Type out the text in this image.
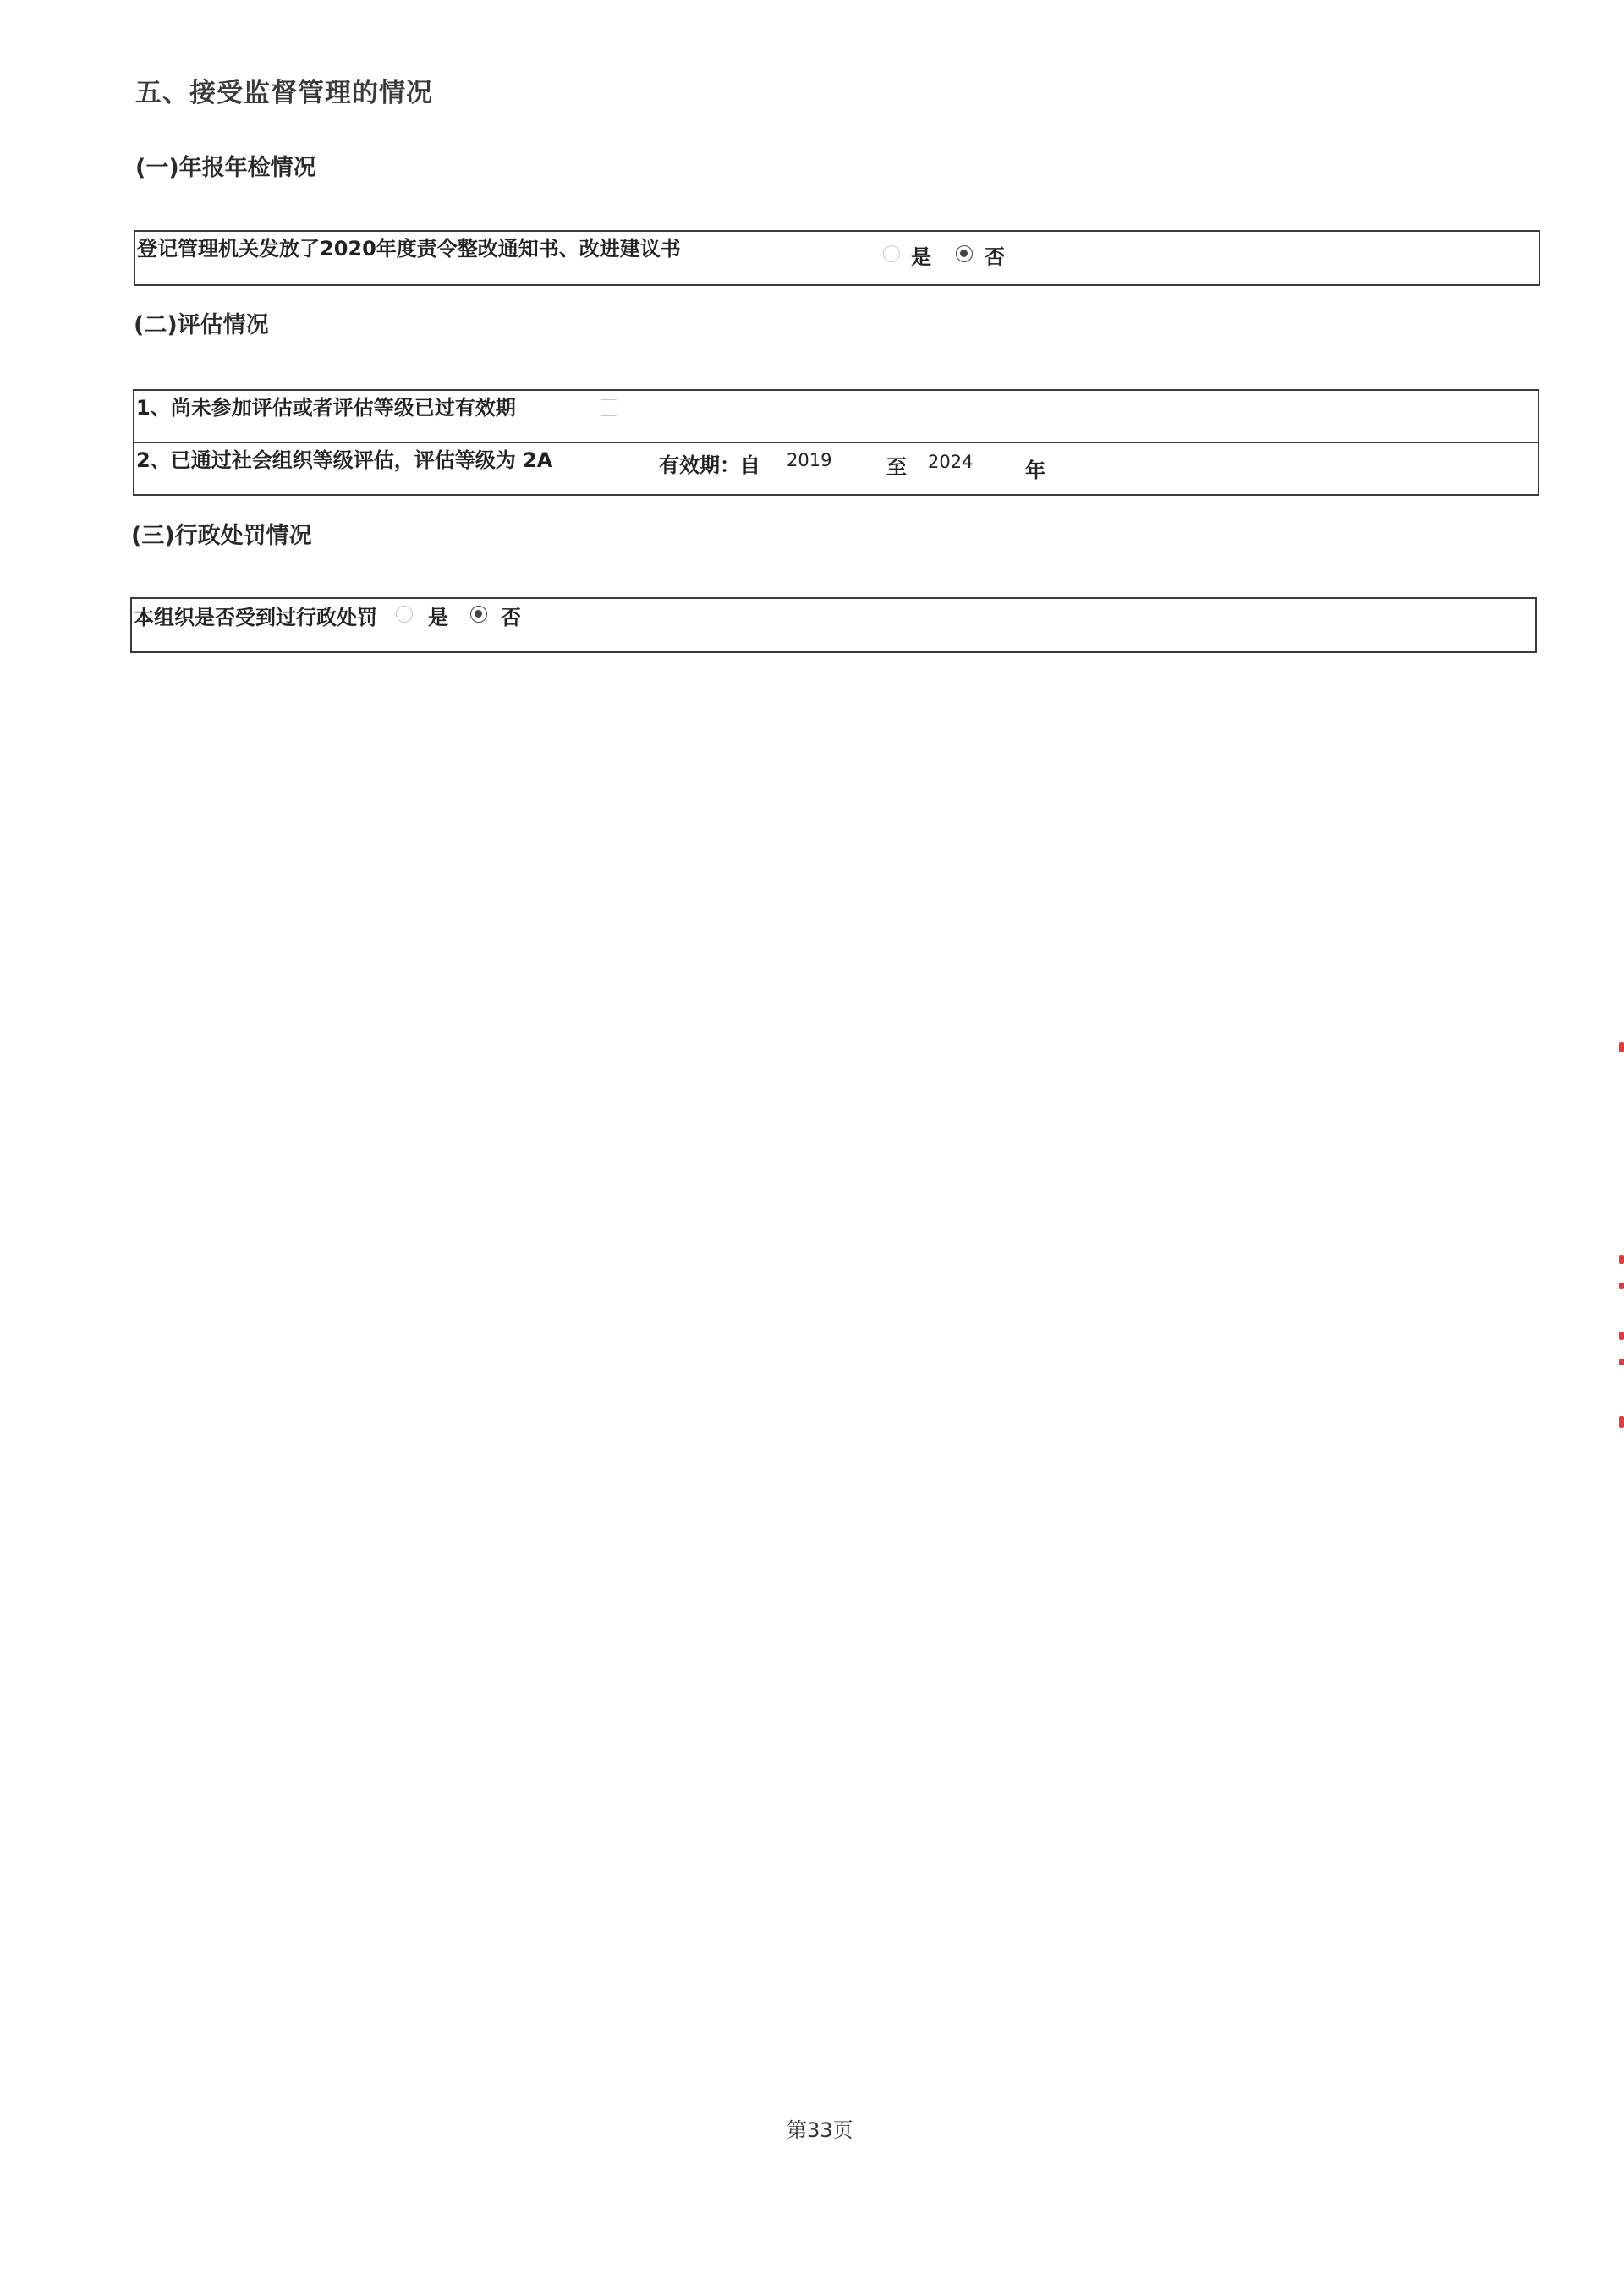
五、接受监督管理的情况
(一)年报年检情况
登记管理机关发放了2020年度责令整改通知书、改进建议书	是	否
(二)评估情况
1、尚未参加评估或者评估等级已过有效期
2、已通过社会组织等级评估，评估等级为 2A	有效期：自 2019	至 2024	年
(三)行政处罚情况
本组织是否受到过行政处罚	是	否
第33页
